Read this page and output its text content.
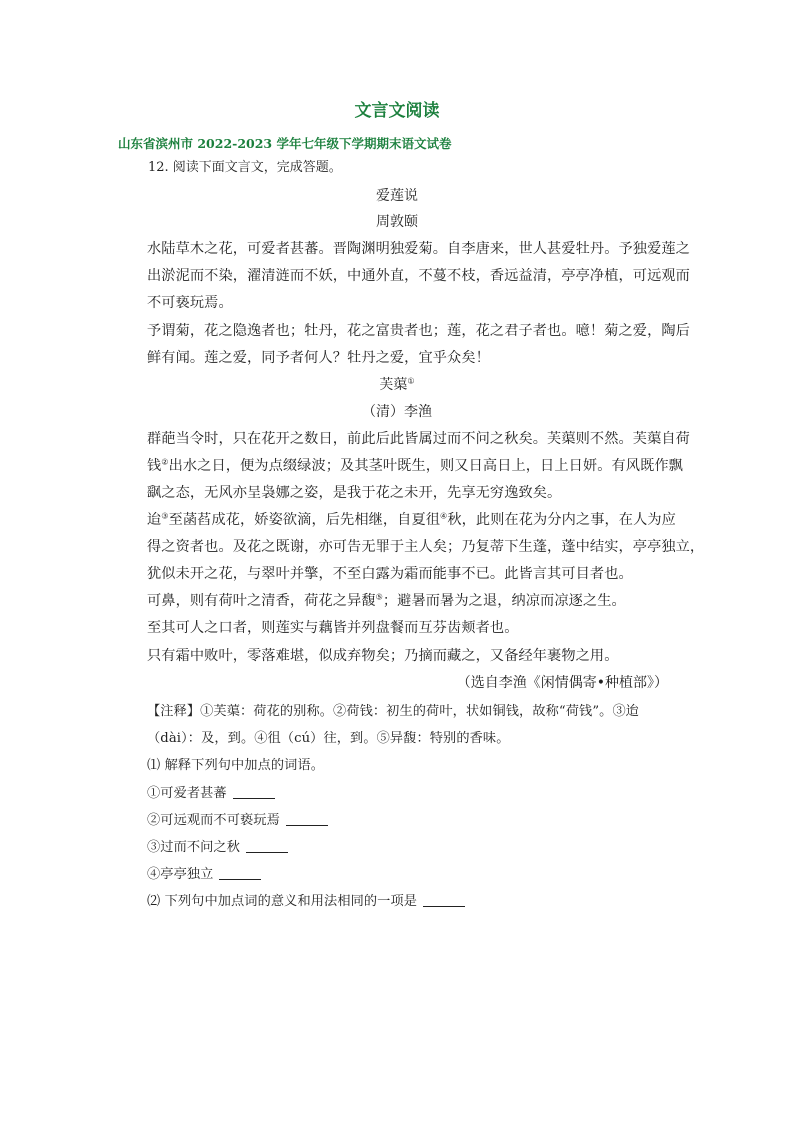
文言文阅读
山东省滨州市 2022-2023 学年七年级下学期期末语文试卷
12. 阅读下面文言文，完成答题。
爱莲说
周敦颐
水陆草木之花，可爱者甚蕃。晋陶渊明独爱菊。自李唐来，世人甚爱牡丹。予独爱莲之
出淤泥而不染，濯清涟而不妖，中通外直，不蔓不枝，香远益清，亭亭净植，可远观而
不可亵玩焉。
予谓菊，花之隐逸者也；牡丹，花之富贵者也；莲，花之君子者也。噫！菊之爱，陶后
鲜有闻。莲之爱，同予者何人？牡丹之爱，宜乎众矣！
芙蕖①
（清）李渔
群葩当令时，只在花开之数日，前此后此皆属过而不问之秋矣。芙蕖则不然。芙蕖自荷
钱②出水之日，便为点缀绿波；及其茎叶既生，则又日高日上，日上日妍。有风既作飘
飖之态，无风亦呈袅娜之姿，是我于花之未开，先享无穷逸致矣。
迨③至菡萏成花，娇姿欲滴，后先相继，自夏徂④秋，此则在花为分内之事，在人为应
得之资者也。及花之既谢，亦可告无罪于主人矣；乃复蒂下生蓬，蓬中结实，亭亭独立，
犹似未开之花，与翠叶并擎，不至白露为霜而能事不已。此皆言其可目者也。
可鼻，则有荷叶之清香，荷花之异馥⑤；避暑而暑为之退，纳凉而凉逐之生。
至其可人之口者，则莲实与藕皆并列盘餐而互芬齿颊者也。
只有霜中败叶，零落难堪，似成弃物矣；乃摘而藏之，又备经年裹物之用。
（选自李渔《闲情偶寄•种植部》）
【注释】①芙蕖：荷花的别称。②荷钱：初生的荷叶，状如铜钱，故称“荷钱”。③迨
（dài）：及，到。④徂（cú）往，到。⑤异馥：特别的香味。
⑴ 解释下列句中加点的词语。
①可爱者甚蕃
②可远观而不可亵玩焉
③过而不问之秋
④亭亭独立
⑵ 下列句中加点词的意义和用法相同的一项是
